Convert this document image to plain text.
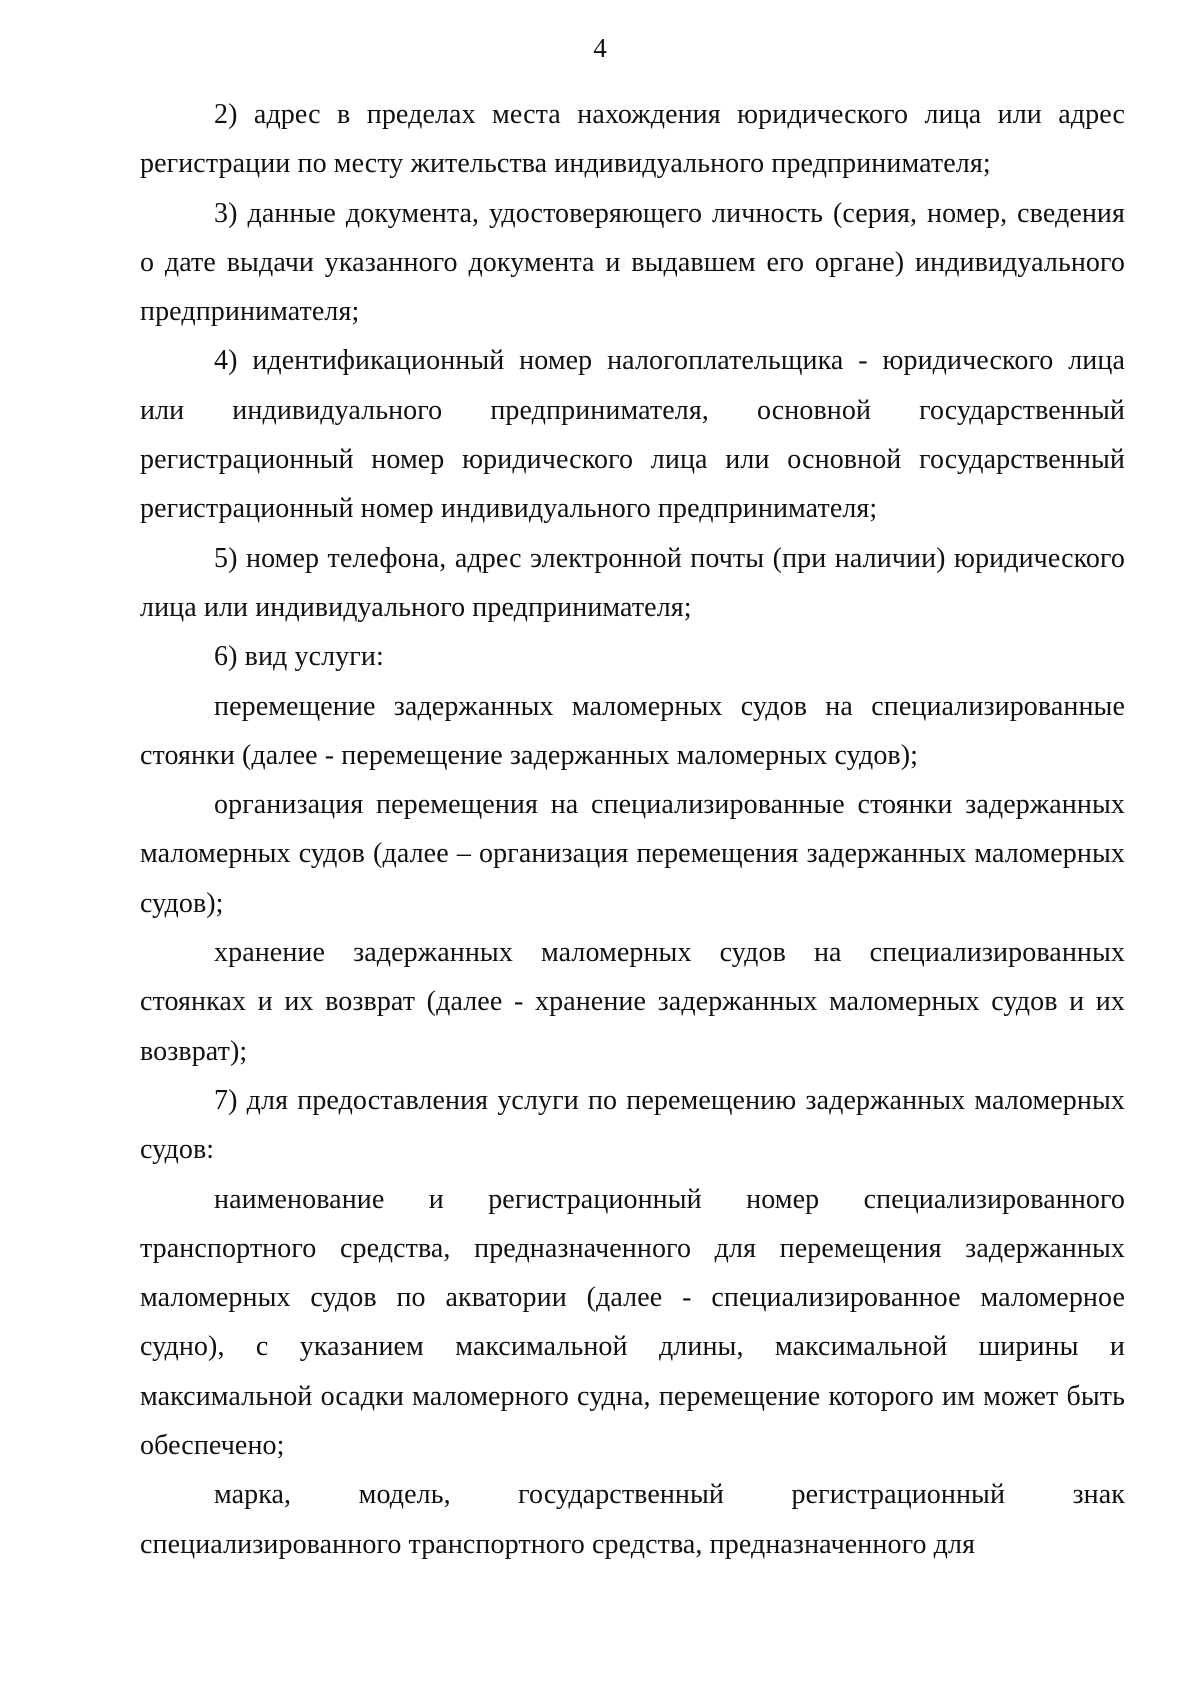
4

2) адрес в пределах места нахождения юридического лица или адрес регистрации по месту жительства индивидуального предпринимателя;

3) данные документа, удостоверяющего личность (серия, номер, сведения о дате выдачи указанного документа и выдавшем его органе) индивидуального предпринимателя;

4) идентификационный номер налогоплательщика - юридического лица или индивидуального предпринимателя, основной государственный регистрационный номер юридического лица или основной государственный регистрационный номер индивидуального предпринимателя;

5) номер телефона, адрес электронной почты (при наличии) юридического лица или индивидуального предпринимателя;

6) вид услуги:

перемещение задержанных маломерных судов на специализированные стоянки (далее - перемещение задержанных маломерных судов);

организация перемещения на специализированные стоянки задержанных маломерных судов (далее – организация перемещения задержанных маломерных судов);

хранение задержанных маломерных судов на специализированных стоянках и их возврат (далее - хранение задержанных маломерных судов и их возврат);

7) для предоставления услуги по перемещению задержанных маломерных судов:

наименование и регистрационный номер специализированного транспортного средства, предназначенного для перемещения задержанных маломерных судов по акватории (далее - специализированное маломерное судно), с указанием максимальной длины, максимальной ширины и максимальной осадки маломерного судна, перемещение которого им может быть обеспечено;

марка, модель, государственный регистрационный знак специализированного транспортного средства, предназначенного для
